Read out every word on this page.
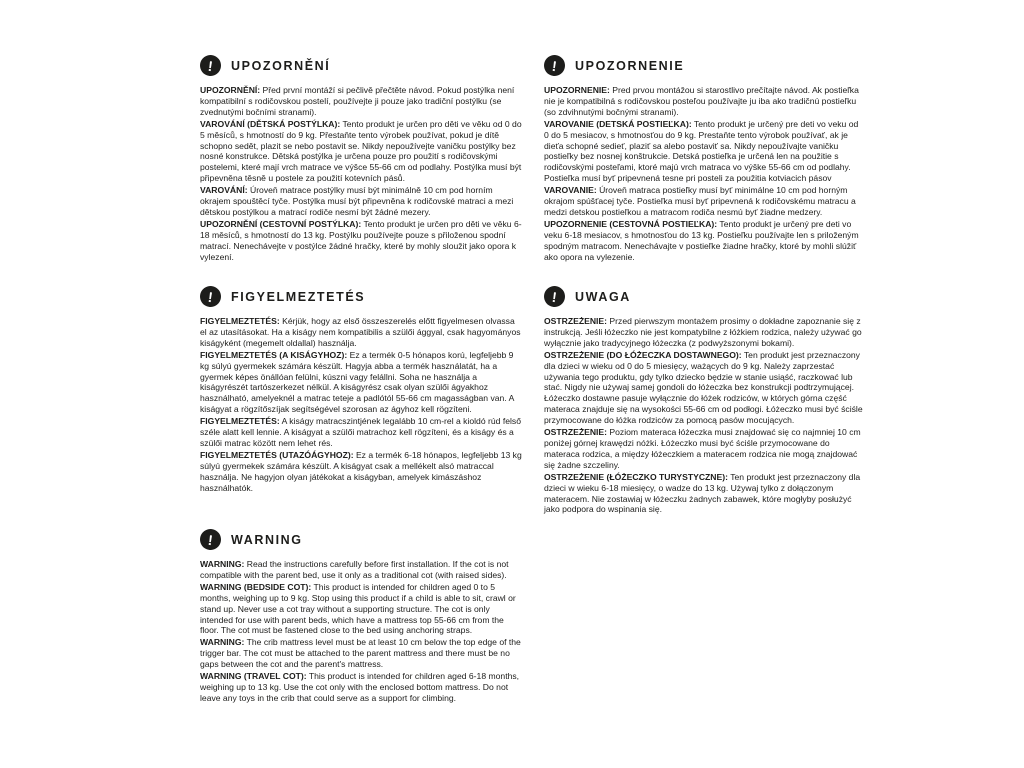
! UPOZORNĚNÍ

UPOZORNĚNÍ: Před první montáží si pečlivě přečtěte návod. Pokud postýlka není kompatibilní s rodičovskou postelí, používejte ji pouze jako tradiční postýlku (se zvednutými bočními stranami).

VAROVÁNÍ (DĚTSKÁ POSTÝLKA): Tento produkt je určen pro děti ve věku od 0 do 5 měsíců, s hmotností do 9 kg. Přestaňte tento výrobek používat, pokud je dítě schopno sedět, plazit se nebo postavit se. Nikdy nepoužívejte vaničku postýlky bez nosné konstrukce. Dětská postýlka je určena pouze pro použití s rodičovskými postelemi, které mají vrch matrace ve výšce 55-66 cm od podlahy. Postýlka musí být připevněna těsně u postele za použití kotevních pásů.

VAROVÁNÍ: Úroveň matrace postýlky musí být minimálně 10 cm pod horním okrajem spouštěcí tyče. Postýlka musí být připevněna k rodičovské matraci a mezi dětskou postýlkou a matrací rodiče nesmí být žádné mezery.

UPOZORNĚNÍ (CESTOVNÍ POSTÝLKA): Tento produkt je určen pro děti ve věku 6-18 měsíců, s hmotností do 13 kg. Postýlku používejte pouze s přiloženou spodní matrací. Nenechávejte v postýlce žádné hračky, které by mohly sloužit jako opora k vylezení.

! UPOZORNENIE

UPOZORNENIE: Pred prvou montážou si starostlivo prečítajte návod. Ak postieľka nie je kompatibilná s rodičovskou posteľou používajte ju iba ako tradičnú postieľku (so zdvihnutými bočnými stranami).

VAROVANIE (DETSKÁ POSTIEĽKA): Tento produkt je určený pre deti vo veku od 0 do 5 mesiacov, s hmotnosťou do 9 kg. Prestaňte tento výrobok používať, ak je dieťa schopné sedieť, plaziť sa alebo postaviť sa. Nikdy nepoužívajte vaničku postieľky bez nosnej konštrukcie. Detská postieľka je určená len na použitie s rodičovskými posteľami, ktoré majú vrch matraca vo výške 55-66 cm od podlahy. Postieľka musí byť pripevnená tesne pri posteli za použitia kotviacich pásov

VAROVANIE: Úroveň matraca postieľky musí byť minimálne 10 cm pod horným okrajom spúšťacej tyče. Postieľka musí byť pripevnená k rodičovskému matracu a medzi detskou postieľkou a matracom rodiča nesmú byť žiadne medzery.

UPOZORNENIE (CESTOVNÁ POSTIEĽKA): Tento produkt je určený pre deti vo veku 6-18 mesiacov, s hmotnosťou do 13 kg. Postieľku používajte len s priloženým spodným matracom. Nenechávajte v postieľke žiadne hračky, ktoré by mohli slúžiť ako opora na vylezenie.

! FIGYELMEZTETÉS

FIGYELMEZTETÉS: Kérjük, hogy az első összeszerelés előtt figyelmesen olvassa el az utasításokat. Ha a kiságy nem kompatibilis a szülői ággyal, csak hagyományos kiságyként (megemelt oldallal) használja.

FIGYELMEZTETÉS (A KISÁGYHOZ): Ez a termék 0-5 hónapos korú, legfeljebb 9 kg súlyú gyermekek számára készült. Hagyja abba a termék használatát, ha a gyermek képes önállóan felülni, kúszni vagy felállni. Soha ne használja a kiságyrészét tartószerkezet nélkül. A kiságyrész csak olyan szülői ágyakhoz használható, amelyeknél a matrac teteje a padlótól 55-66 cm magasságban van. A kiságyat a rögzítőszíjak segítségével szorosan az ágyhoz kell rögzíteni.

FIGYELMEZTETÉS: A kiságy matracszintjének legalább 10 cm-rel a kioldó rúd felső széle alatt kell lennie. A kiságyat a szülői matrachoz kell rögzíteni, és a kiságy és a szülői matrac között nem lehet rés.

FIGYELMEZTETÉS (UTAZÓÁGYHOZ): Ez a termék 6-18 hónapos, legfeljebb 13 kg súlyú gyermekek számára készült. A kiságyat csak a mellékelt alsó matraccal használja. Ne hagyjon olyan játékokat a kiságyban, amelyek kimászáshoz használhatók.

! UWAGA

OSTRZEŻENIE: Przed pierwszym montażem prosimy o dokładne zapoznanie się z instrukcją. Jeśli łóżeczko nie jest kompatybilne z łóżkiem rodzica, należy używać go wyłącznie jako tradycyjnego łóżeczka (z podwyższonymi bokami).

OSTRZEŻENIE (DO ŁÓŻECZKA DOSTAWNEGO): Ten produkt jest przeznaczony dla dzieci w wieku od 0 do 5 miesięcy, ważących do 9 kg. Należy zaprzestać używania tego produktu, gdy tylko dziecko będzie w stanie usiąść, raczkować lub stać. Nigdy nie używaj samej gondoli do łóżeczka bez konstrukcji podtrzymującej. Łóżeczko dostawne pasuje wyłącznie do łóżek rodziców, w których górna część materaca znajduje się na wysokości 55-66 cm od podłogi. Łóżeczko musi być ściśle przymocowane do łóżka rodziców za pomocą pasów mocujących.

OSTRZEŻENIE: Poziom materaca łóżeczka musi znajdować się co najmniej 10 cm poniżej górnej krawędzi nóżki. Łóżeczko musi być ściśle przymocowane do materaca rodzica, a między łóżeczkiem a materacem rodzica nie mogą znajdować się żadne szczeliny.

OSTRZEŻENIE (ŁÓŻECZKO TURYSTYCZNE): Ten produkt jest przeznaczony dla dzieci w wieku 6-18 miesięcy, o wadze do 13 kg. Używaj tylko z dołączonym materacem. Nie zostawiaj w łóżeczku żadnych zabawek, które mogłyby posłużyć jako podpora do wspinania się.

! WARNING

WARNING: Read the instructions carefully before first installation. If the cot is not compatible with the parent bed, use it only as a traditional cot (with raised sides).

WARNING (BEDSIDE COT): This product is intended for children aged 0 to 5 months, weighing up to 9 kg. Stop using this product if a child is able to sit, crawl or stand up. Never use a cot tray without a supporting structure. The cot is only intended for use with parent beds, which have a mattress top 55-66 cm from the floor. The cot must be fastened close to the bed using anchoring straps.

WARNING: The crib mattress level must be at least 10 cm below the top edge of the trigger bar. The cot must be attached to the parent mattress and there must be no gaps between the cot and the parent's mattress.

WARNING (TRAVEL COT): This product is intended for children aged 6-18 months, weighing up to 13 kg. Use the cot only with the enclosed bottom mattress. Do not leave any toys in the crib that could serve as a support for climbing.
